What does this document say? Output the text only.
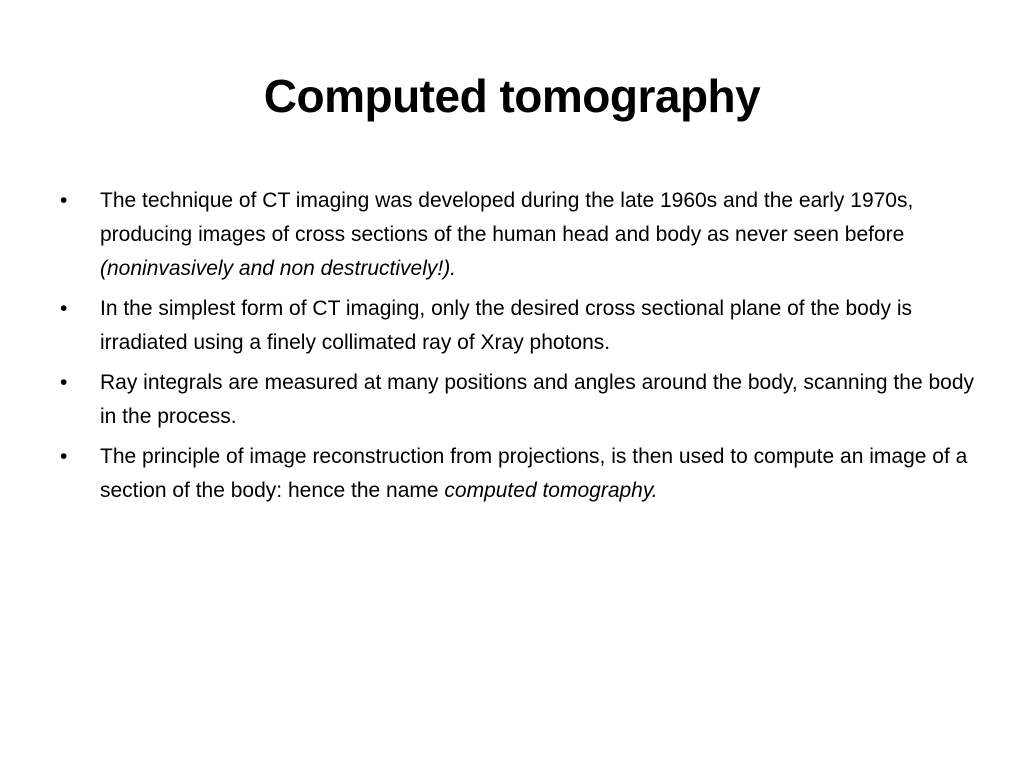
Computed tomography
•	The technique of CT imaging was developed during the late 1960s and the early 1970s, producing images of cross sections of the human head and body as never seen before (noninvasively and non destructively!).
•	In the simplest form of CT imaging, only the desired cross sectional plane of the body is irradiated using a finely collimated ray of Xray photons.
•	Ray integrals are measured at many positions and angles around the body, scanning the body in the process.
•	The principle of image reconstruction from projections, is then used to compute an image of a section of the body: hence the name computed tomography.
